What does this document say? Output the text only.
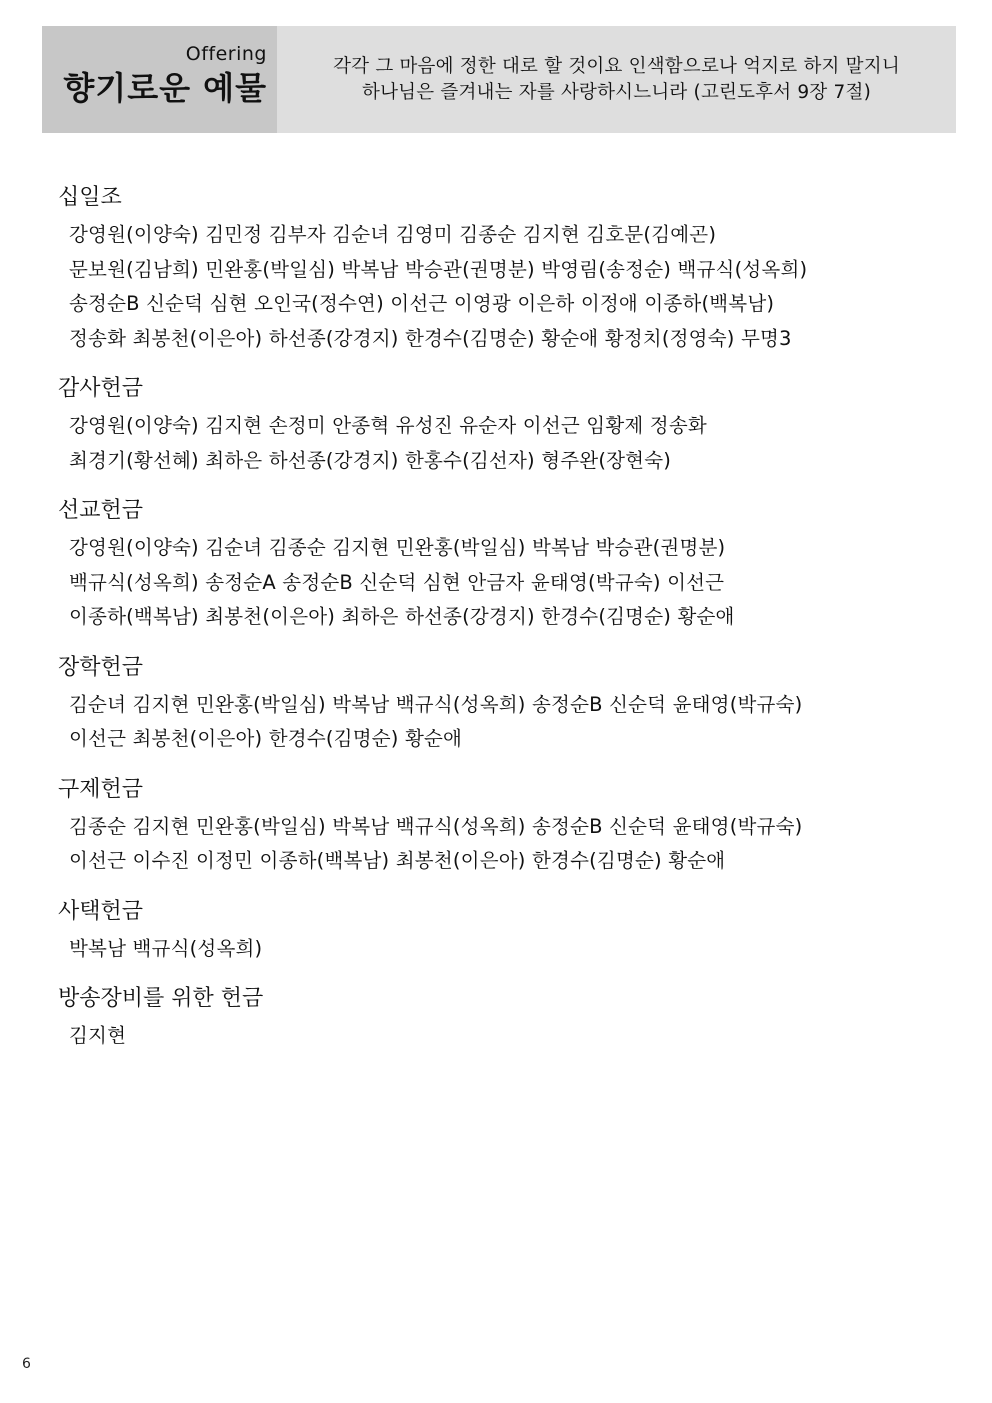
Offering
향기로운 예물
각각 그 마음에 정한 대로 할 것이요 인색함으로나 억지로 하지 말지니
하나님은 즐겨내는 자를 사랑하시느니라 (고린도후서 9장 7절)
십일조
강영원(이양숙) 김민정 김부자 김순녀 김영미 김종순 김지현 김호문(김예곤)
문보원(김남희) 민완홍(박일심) 박복남 박승관(권명분) 박영림(송정순) 백규식(성옥희)
송정순B 신순덕 심현 오인국(정수연) 이선근 이영광 이은하 이정애 이종하(백복남)
정송화 최봉천(이은아) 하선종(강경지) 한경수(김명순) 황순애 황정치(정영숙) 무명3
감사헌금
강영원(이양숙) 김지현 손정미 안종혁 유성진 유순자 이선근 임황제 정송화
최경기(황선혜) 최하은 하선종(강경지) 한홍수(김선자) 형주완(장현숙)
선교헌금
강영원(이양숙) 김순녀 김종순 김지현 민완홍(박일심) 박복남 박승관(권명분)
백규식(성옥희) 송정순A 송정순B 신순덕 심현 안금자 윤태영(박규숙) 이선근
이종하(백복남) 최봉천(이은아) 최하은 하선종(강경지) 한경수(김명순) 황순애
장학헌금
김순녀 김지현 민완홍(박일심) 박복남 백규식(성옥희) 송정순B 신순덕 윤태영(박규숙)
이선근 최봉천(이은아) 한경수(김명순) 황순애
구제헌금
김종순 김지현 민완홍(박일심) 박복남 백규식(성옥희) 송정순B 신순덕 윤태영(박규숙)
이선근 이수진 이정민 이종하(백복남) 최봉천(이은아) 한경수(김명순) 황순애
사택헌금
박복남 백규식(성옥희)
방송장비를 위한 헌금
김지현
6
